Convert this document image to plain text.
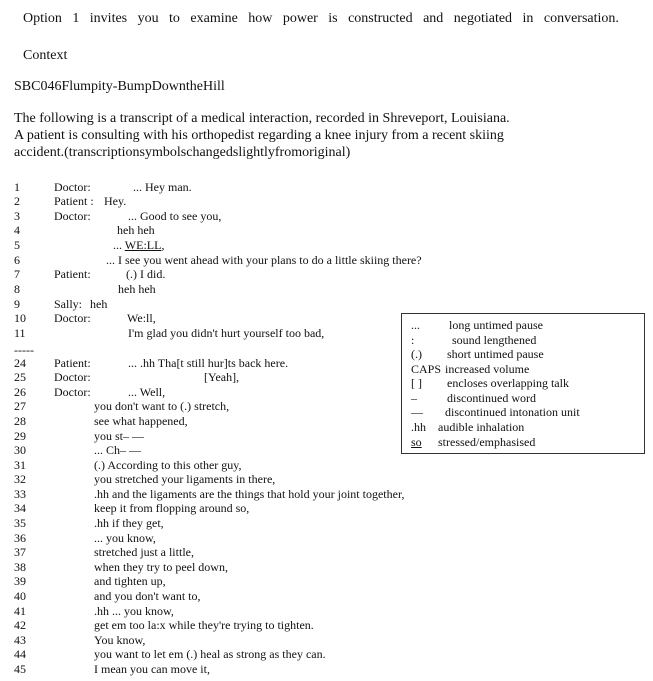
Option 1 invites you to examine how power is constructed and negotiated in conversation.
Context
SBC046Flumpity-BumpDowntheHill
The following is a transcript of a medical interaction, recorded in Shreveport, Louisiana.
A patient is consulting with his orthopedist regarding a knee injury from a recent skiing
accident.(transcriptionsymbolschangedslightlyfromoriginal)
1	Doctor:	... Hey man.
2	Patient : Hey.
3	Doctor:	... Good to see you,
4	heh heh
5	... WE:LL,
6	... I see you went ahead with your plans to do a little skiing there?
7	Patient:	(.) I did.
8	heh heh
9	Sally: heh
10 Doctor:	We:ll,
11	I'm glad you didn't hurt yourself too bad,
24 Patient:	... .hh Tha[t still hur]ts back here.
25 Doctor:	[Yeah],
26 Doctor:	... Well,
27	you don't want to (.) stretch,
28	see what happened,
29	you st– —
30	... Ch– —
31	(.) According to this other guy,
32	you stretched your ligaments in there,
33	.hh and the ligaments are the things that hold your joint together,
34	keep it from flopping around so,
35	.hh if they get,
36	... you know,
37	stretched just a little,
38	when they try to peel down,
39	and tighten up,
40	and you don't want to,
41	.hh ... you know,
42	get em too la:x while they're trying to tighten.
43	You know,
44	you want to let em (.) heal as strong as they can.
45	I mean you can move it,
-----
... long untimed pause
:	sound lengthened
(.) short untimed pause
CAPS increased volume
[ ] encloses overlapping talk
–	discontinued word
— discontinued intonation unit
.hh audible inhalation
so stressed/emphasised
